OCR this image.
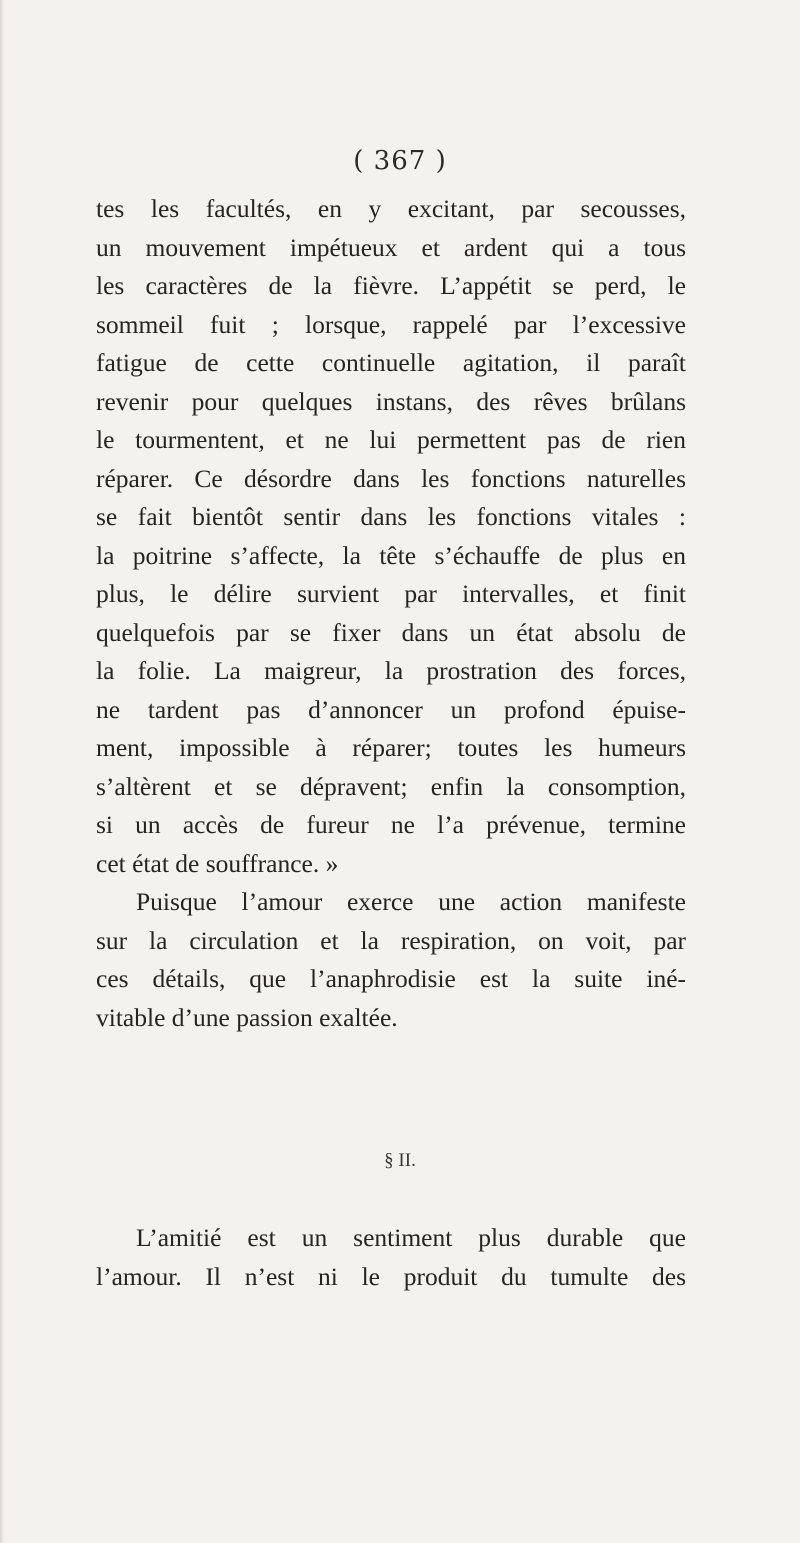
( 367 )
tes les facultés, en y excitant, par secousses,
un mouvement impétueux et ardent qui a tous
les caractères de la fièvre. L’appétit se perd, le
sommeil fuit ; lorsque, rappelé par l’excessive
fatigue de cette continuelle agitation, il paraît
revenir pour quelques instans, des rêves brûlans
le tourmentent, et ne lui permettent pas de rien
réparer. Ce désordre dans les fonctions naturelles
se fait bientôt sentir dans les fonctions vitales :
la poitrine s’affecte, la tête s’échauffe de plus en
plus, le délire survient par intervalles, et finit
quelquefois par se fixer dans un état absolu de
la folie. La maigreur, la prostration des forces,
ne tardent pas d’annoncer un profond épuise-
ment, impossible à réparer; toutes les humeurs
s’altèrent et se dépravent; enfin la consomption,
si un accès de fureur ne l’a prévenue, termine
cet état de souffrance. »
Puisque l’amour exerce une action manifeste
sur la circulation et la respiration, on voit, par
ces détails, que l’anaphrodisie est la suite iné-
vitable d’une passion exaltée.
§ II.
L’amitié est un sentiment plus durable que
l’amour. Il n’est ni le produit du tumulte des
